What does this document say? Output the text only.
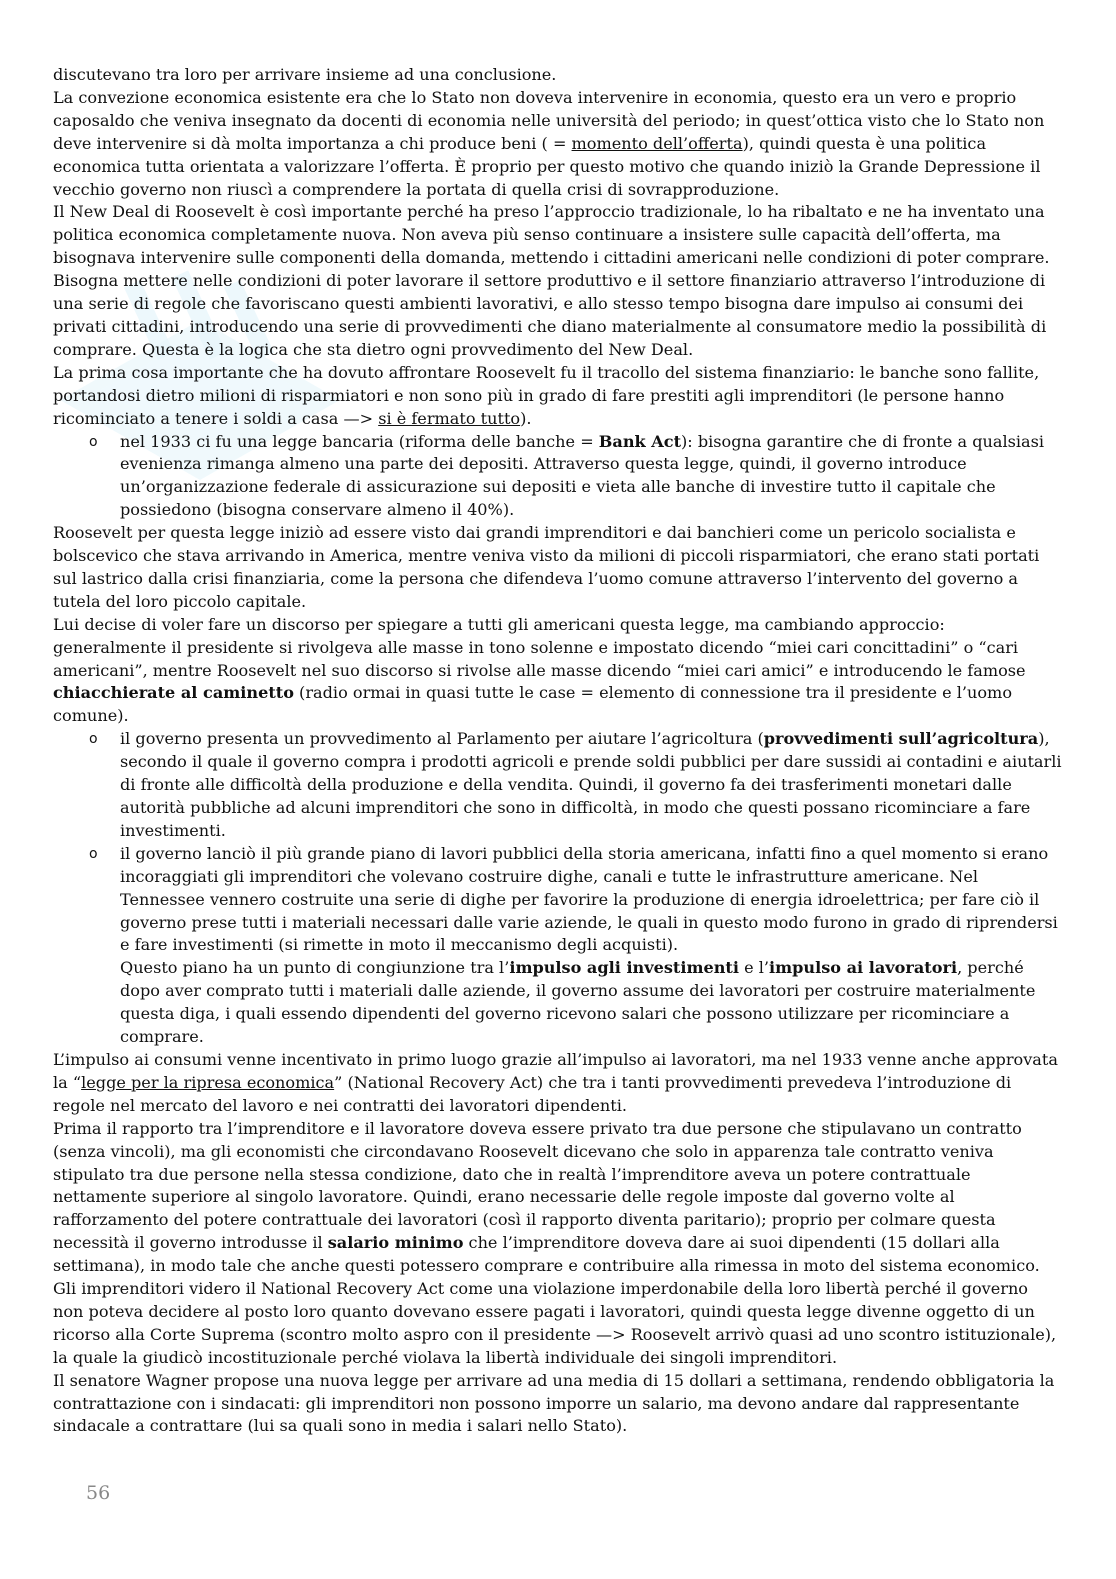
discutevano tra loro per arrivare insieme ad una conclusione.

La convezione economica esistente era che lo Stato non doveva intervenire in economia, questo era un vero e proprio caposaldo che veniva insegnato da docenti di economia nelle università del periodo; in quest’ottica visto che lo Stato non deve intervenire si dà molta importanza a chi produce beni ( = momento dell’offerta), quindi questa è una politica economica tutta orientata a valorizzare l’offerta. È proprio per questo motivo che quando iniziò la Grande Depressione il vecchio governo non riuscì a comprendere la portata di quella crisi di sovrapproduzione.

Il New Deal di Roosevelt è così importante perché ha preso l’approccio tradizionale, lo ha ribaltato e ne ha inventato una politica economica completamente nuova. Non aveva più senso continuare a insistere sulle capacità dell’offerta, ma bisognava intervenire sulle componenti della domanda, mettendo i cittadini americani nelle condizioni di poter comprare.

Bisogna mettere nelle condizioni di poter lavorare il settore produttivo e il settore finanziario attraverso l’introduzione di una serie di regole che favoriscano questi ambienti lavorativi, e allo stesso tempo bisogna dare impulso ai consumi dei privati cittadini, introducendo una serie di provvedimenti che diano materialmente al consumatore medio la possibilità di comprare. Questa è la logica che sta dietro ogni provvedimento del New Deal.

La prima cosa importante che ha dovuto affrontare Roosevelt fu il tracollo del sistema finanziario: le banche sono fallite, portandosi dietro milioni di risparmiatori e non sono più in grado di fare prestiti agli imprenditori (le persone hanno ricominciato a tenere i soldi a casa —> si è fermato tutto).

o nel 1933 ci fu una legge bancaria (riforma delle banche = Bank Act): bisogna garantire che di fronte a qualsiasi evenienza rimanga almeno una parte dei depositi. Attraverso questa legge, quindi, il governo introduce un’organizzazione federale di assicurazione sui depositi e vieta alle banche di investire tutto il capitale che possiedono (bisogna conservare almeno il 40%).

Roosevelt per questa legge iniziò ad essere visto dai grandi imprenditori e dai banchieri come un pericolo socialista e bolscevico che stava arrivando in America, mentre veniva visto da milioni di piccoli risparmiatori, che erano stati portati sul lastrico dalla crisi finanziaria, come la persona che difendeva l’uomo comune attraverso l’intervento del governo a tutela del loro piccolo capitale.

Lui decise di voler fare un discorso per spiegare a tutti gli americani questa legge, ma cambiando approccio: generalmente il presidente si rivolgeva alle masse in tono solenne e impostato dicendo “miei cari concittadini” o “cari americani”, mentre Roosevelt nel suo discorso si rivolse alle masse dicendo “miei cari amici” e introducendo le famose chiacchierate al caminetto (radio ormai in quasi tutte le case = elemento di connessione tra il presidente e l’uomo comune).

o il governo presenta un provvedimento al Parlamento per aiutare l’agricoltura (provvedimenti sull’agricoltura), secondo il quale il governo compra i prodotti agricoli e prende soldi pubblici per dare sussidi ai contadini e aiutarli di fronte alle difficoltà della produzione e della vendita. Quindi, il governo fa dei trasferimenti monetari dalle autorità pubbliche ad alcuni imprenditori che sono in difficoltà, in modo che questi possano ricominciare a fare investimenti.

o il governo lanciò il più grande piano di lavori pubblici della storia americana, infatti fino a quel momento si erano incoraggiati gli imprenditori che volevano costruire dighe, canali e tutte le infrastrutture americane. Nel Tennessee vennero costruite una serie di dighe per favorire la produzione di energia idroelettrica; per fare ciò il governo prese tutti i materiali necessari dalle varie aziende, le quali in questo modo furono in grado di riprendersi e fare investimenti (si rimette in moto il meccanismo degli acquisti).

Questo piano ha un punto di congiunzione tra l’impulso agli investimenti e l’impulso ai lavoratori, perché dopo aver comprato tutti i materiali dalle aziende, il governo assume dei lavoratori per costruire materialmente questa diga, i quali essendo dipendenti del governo ricevono salari che possono utilizzare per ricominciare a comprare.

L’impulso ai consumi venne incentivato in primo luogo grazie all’impulso ai lavoratori, ma nel 1933 venne anche approvata la “legge per la ripresa economica” (National Recovery Act) che tra i tanti provvedimenti prevedeva l’introduzione di regole nel mercato del lavoro e nei contratti dei lavoratori dipendenti.

Prima il rapporto tra l’imprenditore e il lavoratore doveva essere privato tra due persone che stipulavano un contratto (senza vincoli), ma gli economisti che circondavano Roosevelt dicevano che solo in apparenza tale contratto veniva stipulato tra due persone nella stessa condizione, dato che in realtà l’imprenditore aveva un potere contrattuale nettamente superiore al singolo lavoratore. Quindi, erano necessarie delle regole imposte dal governo volte al rafforzamento del potere contrattuale dei lavoratori (così il rapporto diventa paritario); proprio per colmare questa necessità il governo introdusse il salario minimo che l’imprenditore doveva dare ai suoi dipendenti (15 dollari alla settimana), in modo tale che anche questi potessero comprare e contribuire alla rimessa in moto del sistema economico.

Gli imprenditori videro il National Recovery Act come una violazione imperdonabile della loro libertà perché il governo non poteva decidere al posto loro quanto dovevano essere pagati i lavoratori, quindi questa legge divenne oggetto di un ricorso alla Corte Suprema (scontro molto aspro con il presidente —> Roosevelt arrivò quasi ad uno scontro istituzionale), la quale la giudicò incostituzionale perché violava la libertà individuale dei singoli imprenditori.

Il senatore Wagner propose una nuova legge per arrivare ad una media di 15 dollari a settimana, rendendo obbligatoria la contrattazione con i sindacati: gli imprenditori non possono imporre un salario, ma devono andare dal rappresentante sindacale a contrattare (lui sa quali sono in media i salari nello Stato).

56
